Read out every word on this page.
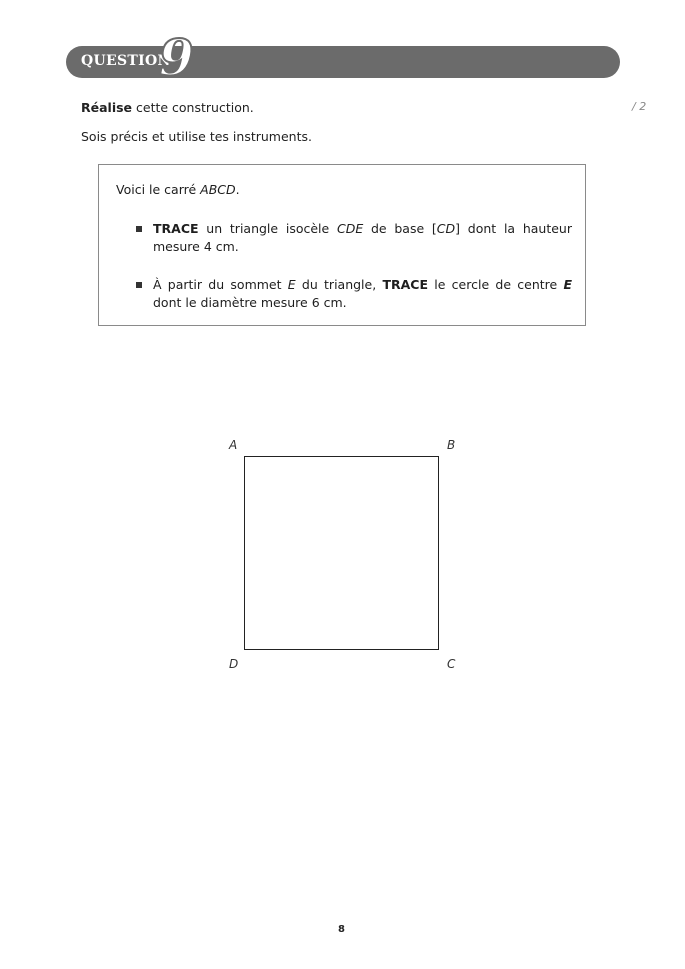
QUESTION
9
/ 2
Réalise cette construction.
Sois précis et utilise tes instruments.
Voici le carré ABCD.
TRACE un triangle isocèle CDE de base [CD] dont la hauteur mesure 4 cm.
À partir du sommet E du triangle, TRACE le cercle de centre E dont le diamètre mesure 6 cm.
A	B
D	C
8
